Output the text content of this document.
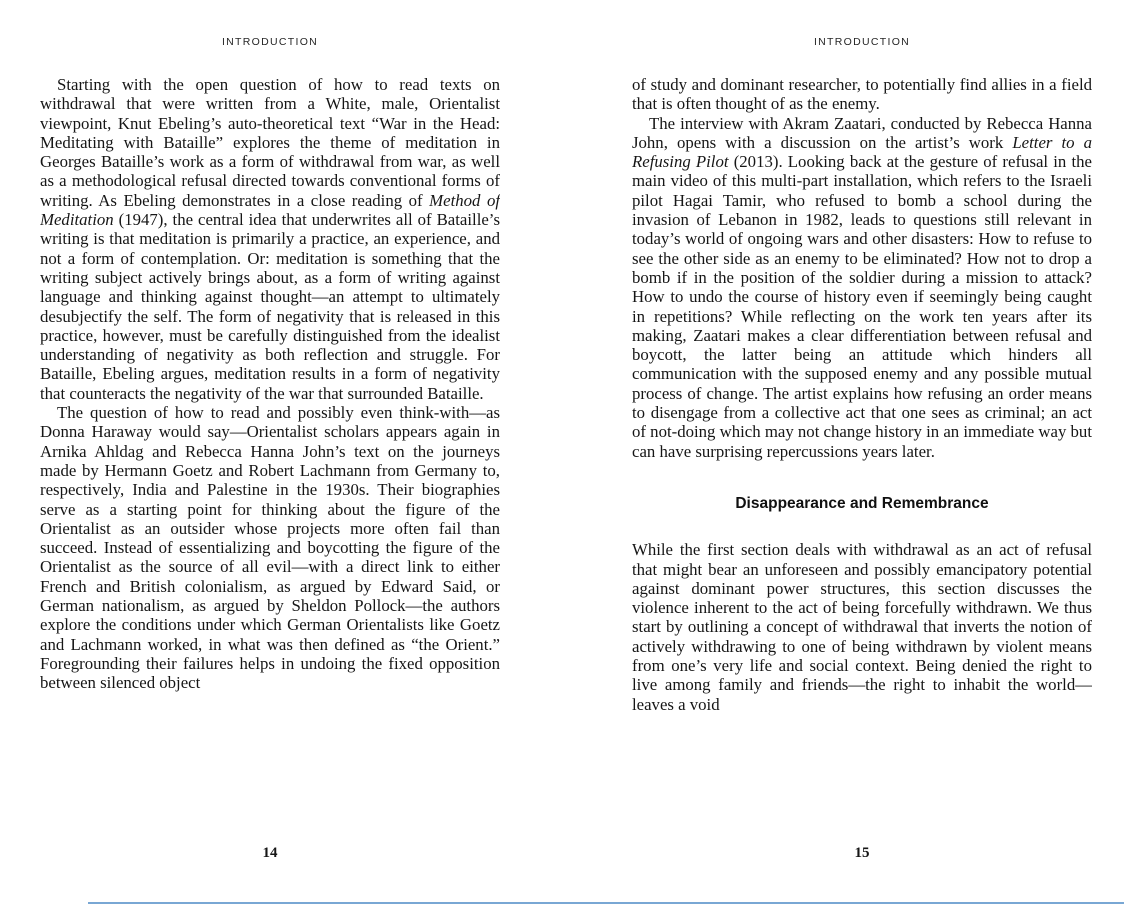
INTRODUCTION

Starting with the open question of how to read texts on withdrawal that were written from a White, male, Orientalist viewpoint, Knut Ebeling’s auto-theoretical text “War in the Head: Meditating with Bataille” explores the theme of meditation in Georges Bataille’s work as a form of withdrawal from war, as well as a methodological refusal directed towards conventional forms of writing. As Ebeling demonstrates in a close reading of Method of Meditation (1947), the central idea that underwrites all of Bataille’s writing is that meditation is primarily a practice, an experience, and not a form of contemplation. Or: meditation is something that the writing subject actively brings about, as a form of writing against language and thinking against thought—an attempt to ultimately desubjectify the self. The form of negativity that is released in this practice, however, must be carefully distinguished from the idealist understanding of negativity as both reflection and struggle. For Bataille, Ebeling argues, meditation results in a form of negativity that counteracts the negativity of the war that surrounded Bataille.

The question of how to read and possibly even think-with—as Donna Haraway would say—Orientalist scholars appears again in Arnika Ahldag and Rebecca Hanna John’s text on the journeys made by Hermann Goetz and Robert Lachmann from Germany to, respectively, India and Palestine in the 1930s. Their biographies serve as a starting point for thinking about the figure of the Orientalist as an outsider whose projects more often fail than succeed. Instead of essentializing and boycotting the figure of the Orientalist as the source of all evil—with a direct link to either French and British colonialism, as argued by Edward Said, or German nationalism, as argued by Sheldon Pollock—the authors explore the conditions under which German Orientalists like Goetz and Lachmann worked, in what was then defined as “the Orient.” Foregrounding their failures helps in undoing the fixed opposition between silenced object

14
INTRODUCTION

of study and dominant researcher, to potentially find allies in a field that is often thought of as the enemy.

The interview with Akram Zaatari, conducted by Rebecca Hanna John, opens with a discussion on the artist’s work Letter to a Refusing Pilot (2013). Looking back at the gesture of refusal in the main video of this multi-part installation, which refers to the Israeli pilot Hagai Tamir, who refused to bomb a school during the invasion of Lebanon in 1982, leads to questions still relevant in today’s world of ongoing wars and other disasters: How to refuse to see the other side as an enemy to be eliminated? How not to drop a bomb if in the position of the soldier during a mission to attack? How to undo the course of history even if seemingly being caught in repetitions? While reflecting on the work ten years after its making, Zaatari makes a clear differentiation between refusal and boycott, the latter being an attitude which hinders all communication with the supposed enemy and any possible mutual process of change. The artist explains how refusing an order means to disengage from a collective act that one sees as criminal; an act of not-doing which may not change history in an immediate way but can have surprising repercussions years later.

Disappearance and Remembrance

While the first section deals with withdrawal as an act of refusal that might bear an unforeseen and possibly emancipatory potential against dominant power structures, this section discusses the violence inherent to the act of being forcefully withdrawn. We thus start by outlining a concept of withdrawal that inverts the notion of actively withdrawing to one of being withdrawn by violent means from one’s very life and social context. Being denied the right to live among family and friends—the right to inhabit the world—leaves a void

15
